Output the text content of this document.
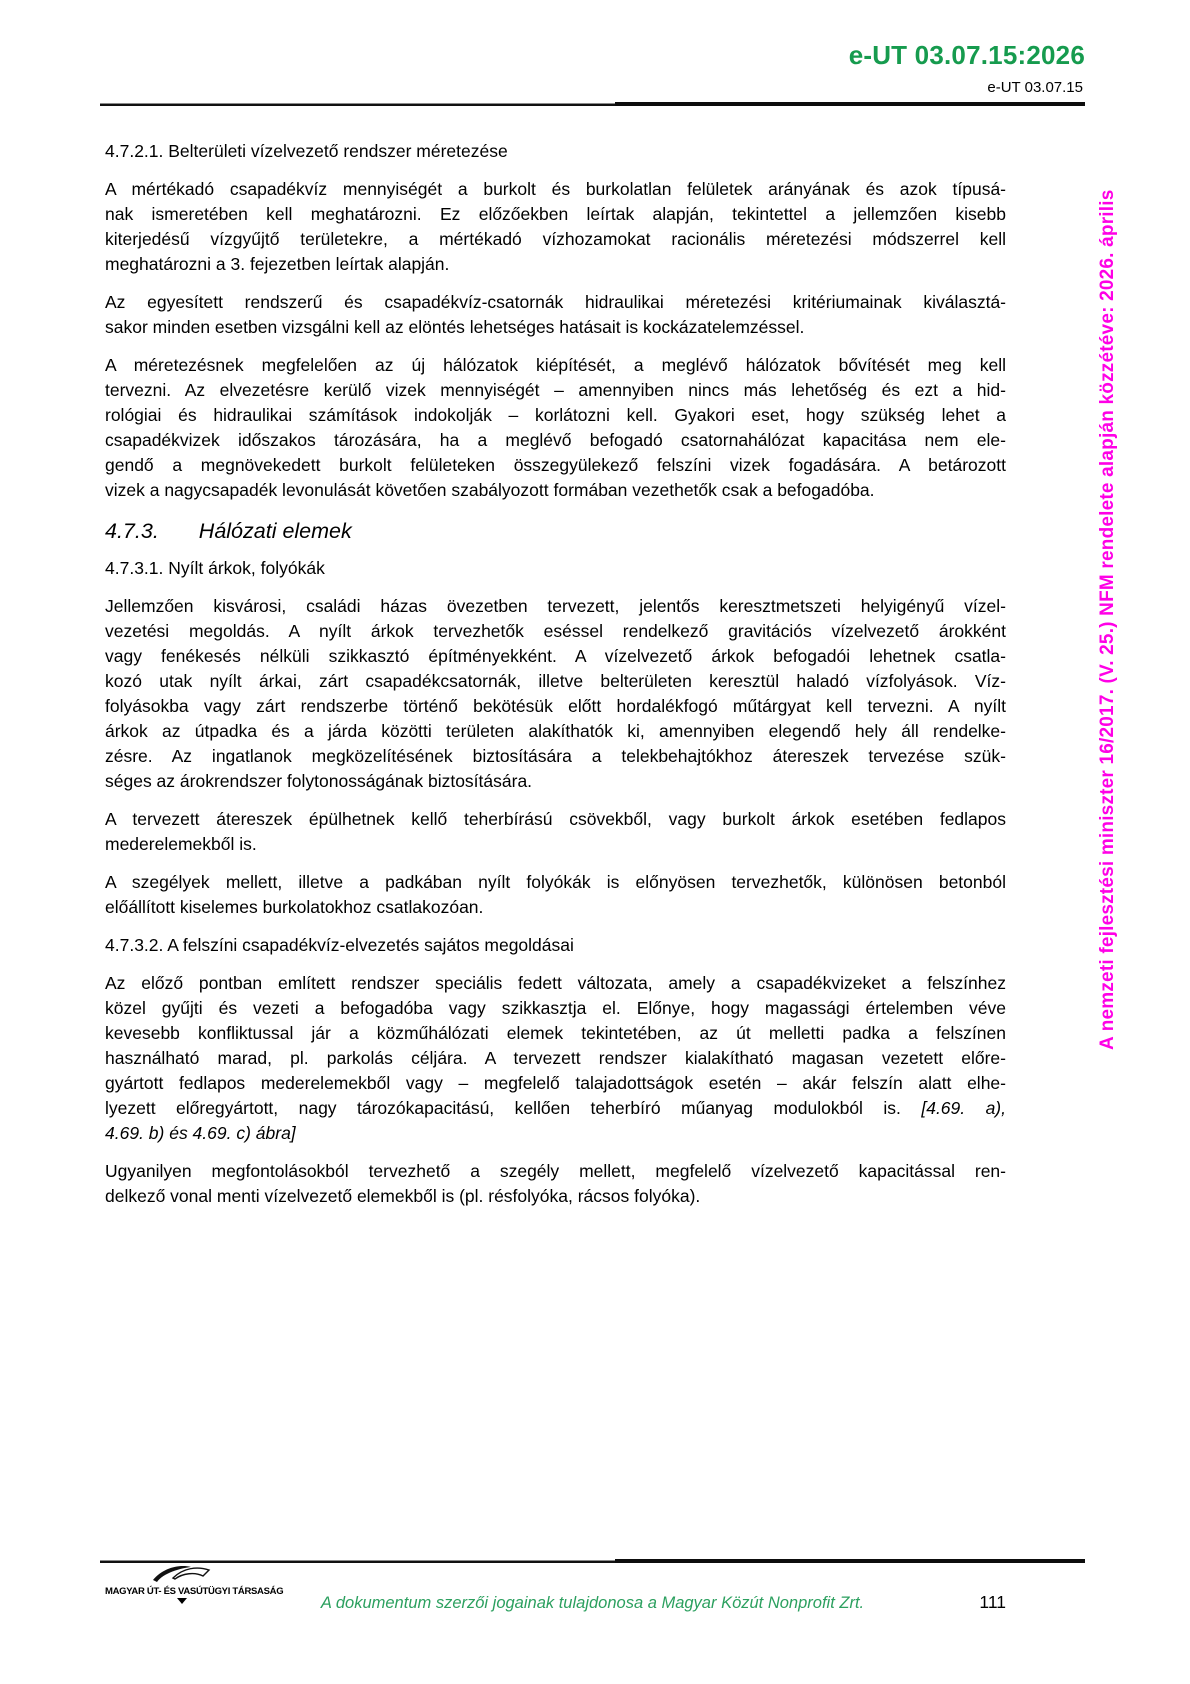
e-UT 03.07.15:2026
e-UT 03.07.15
4.7.2.1. Belterületi vízelvezető rendszer méretezése
A mértékadó csapadékvíz mennyiségét a burkolt és burkolatlan felületek arányának és azok típusá-
nak ismeretében kell meghatározni. Ez előzőekben leírtak alapján, tekintettel a jellemzően kisebb
kiterjedésű vízgyűjtő területekre, a mértékadó vízhozamokat racionális méretezési módszerrel kell
meghatározni a 3. fejezetben leírtak alapján.
Az egyesített rendszerű és csapadékvíz-csatornák hidraulikai méretezési kritériumainak kiválasztá-
sakor minden esetben vizsgálni kell az elöntés lehetséges hatásait is kockázatelemzéssel.
A méretezésnek megfelelően az új hálózatok kiépítését, a meglévő hálózatok bővítését meg kell
tervezni. Az elvezetésre kerülő vizek mennyiségét – amennyiben nincs más lehetőség és ezt a hid-
rológiai és hidraulikai számítások indokolják – korlátozni kell. Gyakori eset, hogy szükség lehet a
csapadékvizek időszakos tározására, ha a meglévő befogadó csatornahálózat kapacitása nem ele-
gendő a megnövekedett burkolt felületeken összegyülekező felszíni vizek fogadására. A betározott
vizek a nagycsapadék levonulását követően szabályozott formában vezethetők csak a befogadóba.
4.7.3. Hálózati elemek
4.7.3.1. Nyílt árkok, folyókák
Jellemzően kisvárosi, családi házas övezetben tervezett, jelentős keresztmetszeti helyigényű vízel-
vezetési megoldás. A nyílt árkok tervezhetők eséssel rendelkező gravitációs vízelvezető árokként
vagy fenékesés nélküli szikkasztó építményekként. A vízelvezető árkok befogadói lehetnek csatla-
kozó utak nyílt árkai, zárt csapadékcsatornák, illetve belterületen keresztül haladó vízfolyások. Víz-
folyásokba vagy zárt rendszerbe történő bekötésük előtt hordalékfogó műtárgyat kell tervezni. A nyílt
árkok az útpadka és a járda közötti területen alakíthatók ki, amennyiben elegendő hely áll rendelke-
zésre. Az ingatlanok megközelítésének biztosítására a telekbehajtókhoz átereszek tervezése szük-
séges az árokrendszer folytonosságának biztosítására.
A tervezett átereszek épülhetnek kellő teherbírású csövekből, vagy burkolt árkok esetében fedlapos
mederelemekből is.
A szegélyek mellett, illetve a padkában nyílt folyókák is előnyösen tervezhetők, különösen betonból
előállított kiselemes burkolatokhoz csatlakozóan.
4.7.3.2. A felszíni csapadékvíz-elvezetés sajátos megoldásai
Az előző pontban említett rendszer speciális fedett változata, amely a csapadékvizeket a felszínhez
közel gyűjti és vezeti a befogadóba vagy szikkasztja el. Előnye, hogy magassági értelemben véve
kevesebb konfliktussal jár a közműhálózati elemek tekintetében, az út melletti padka a felszínen
használható marad, pl. parkolás céljára. A tervezett rendszer kialakítható magasan vezetett előre-
gyártott fedlapos mederelemekből vagy – megfelelő talajadottságok esetén – akár felszín alatt elhe-
lyezett előregyártott, nagy tározókapacitású, kellően teherbíró műanyag modulokból is. [4.69. a),
4.69. b) és 4.69. c) ábra]
Ugyanilyen megfontolásokból tervezhető a szegély mellett, megfelelő vízelvezető kapacitással ren-
delkező vonal menti vízelvezető elemekből is (pl. résfolyóka, rácsos folyóka).
A nemzeti fejlesztési miniszter 16/2017. (V. 25.) NFM rendelete alapján közzétéve: 2026. április
MAGYAR ÚT- ÉS VASÚTÜGYI TÁRSASÁG
A dokumentum szerzői jogainak tulajdonosa a Magyar Közút Nonprofit Zrt.	111
